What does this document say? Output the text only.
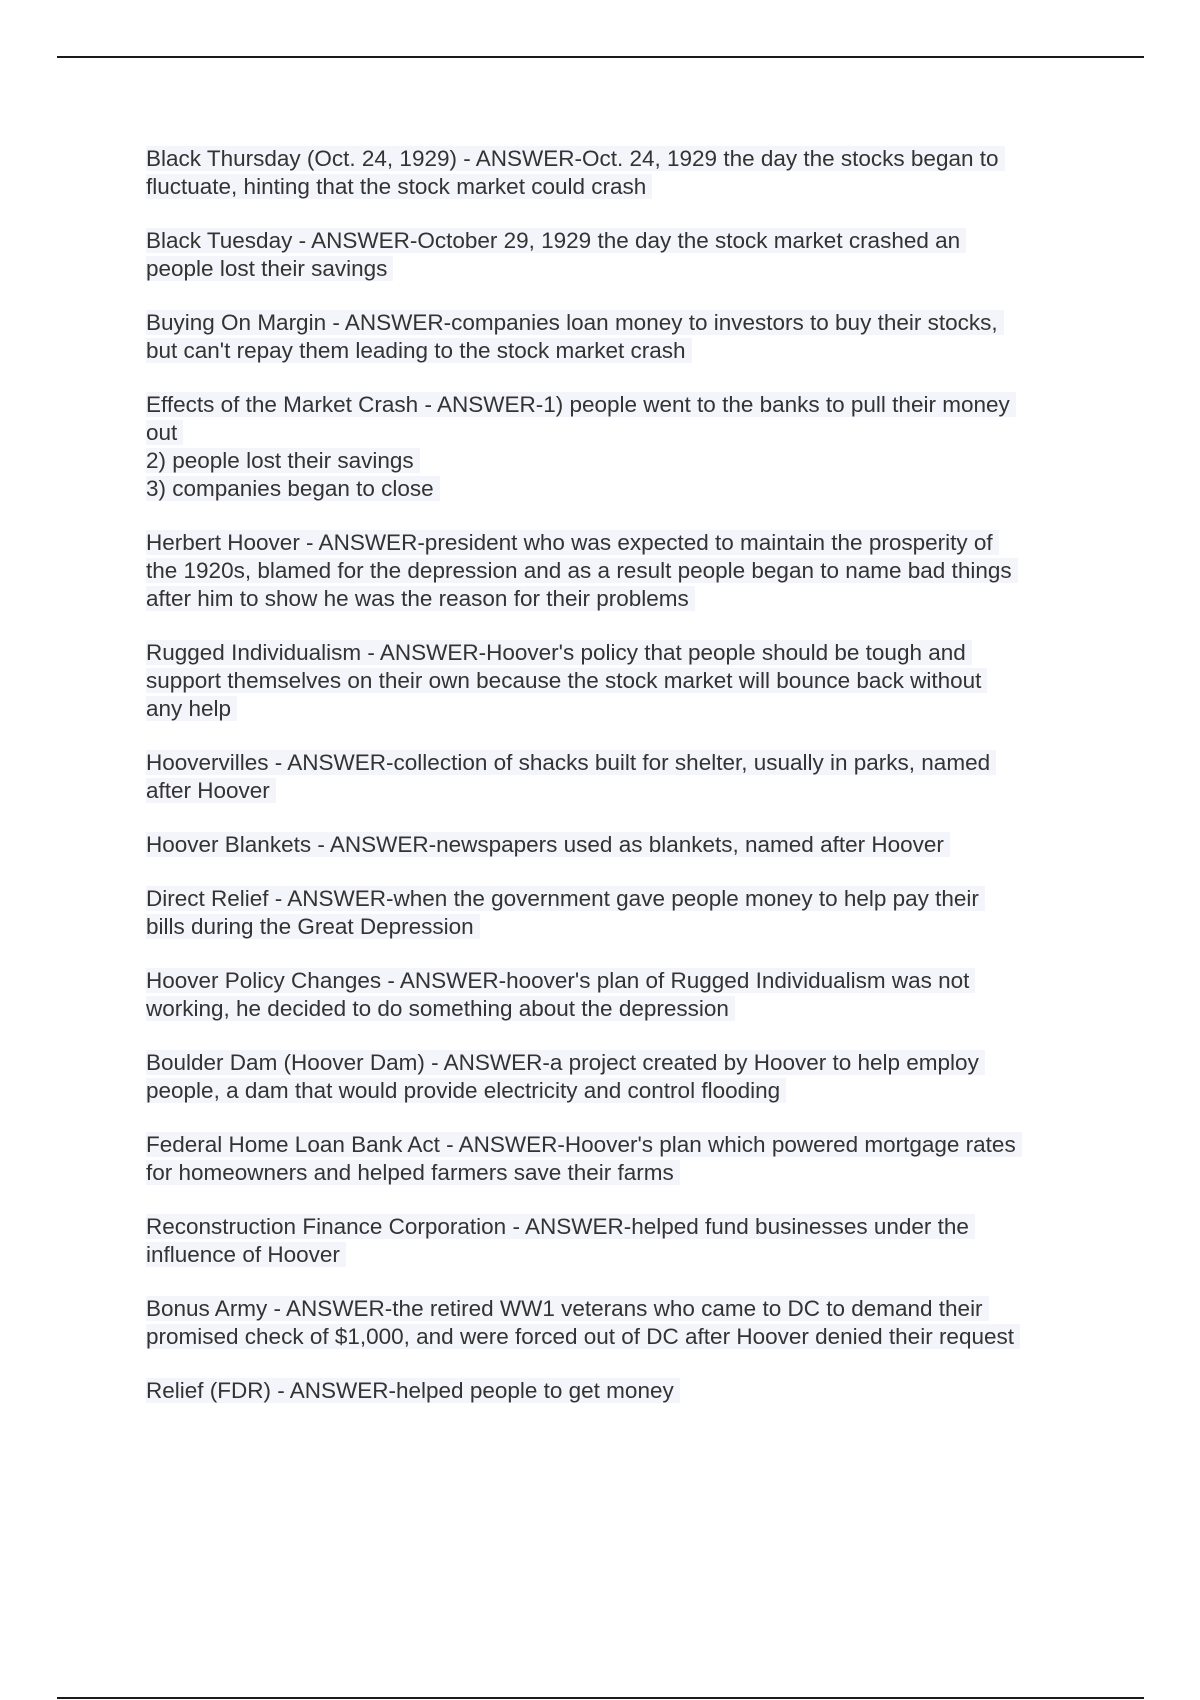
Black Thursday (Oct. 24, 1929) - ANSWER-Oct. 24, 1929 the day the stocks began to
fluctuate, hinting that the stock market could crash
Black Tuesday - ANSWER-October 29, 1929 the day the stock market crashed an
people lost their savings
Buying On Margin - ANSWER-companies loan money to investors to buy their stocks,
but can't repay them leading to the stock market crash
Effects of the Market Crash - ANSWER-1) people went to the banks to pull their money
out
2) people lost their savings
3) companies began to close
Herbert Hoover - ANSWER-president who was expected to maintain the prosperity of
the 1920s, blamed for the depression and as a result people began to name bad things
after him to show he was the reason for their problems
Rugged Individualism - ANSWER-Hoover's policy that people should be tough and
support themselves on their own because the stock market will bounce back without
any help
Hoovervilles - ANSWER-collection of shacks built for shelter, usually in parks, named
after Hoover
Hoover Blankets - ANSWER-newspapers used as blankets, named after Hoover
Direct Relief - ANSWER-when the government gave people money to help pay their
bills during the Great Depression
Hoover Policy Changes - ANSWER-hoover's plan of Rugged Individualism was not
working, he decided to do something about the depression
Boulder Dam (Hoover Dam) - ANSWER-a project created by Hoover to help employ
people, a dam that would provide electricity and control flooding
Federal Home Loan Bank Act - ANSWER-Hoover's plan which powered mortgage rates
for homeowners and helped farmers save their farms
Reconstruction Finance Corporation - ANSWER-helped fund businesses under the
influence of Hoover
Bonus Army - ANSWER-the retired WW1 veterans who came to DC to demand their
promised check of $1,000, and were forced out of DC after Hoover denied their request
Relief (FDR) - ANSWER-helped people to get money
